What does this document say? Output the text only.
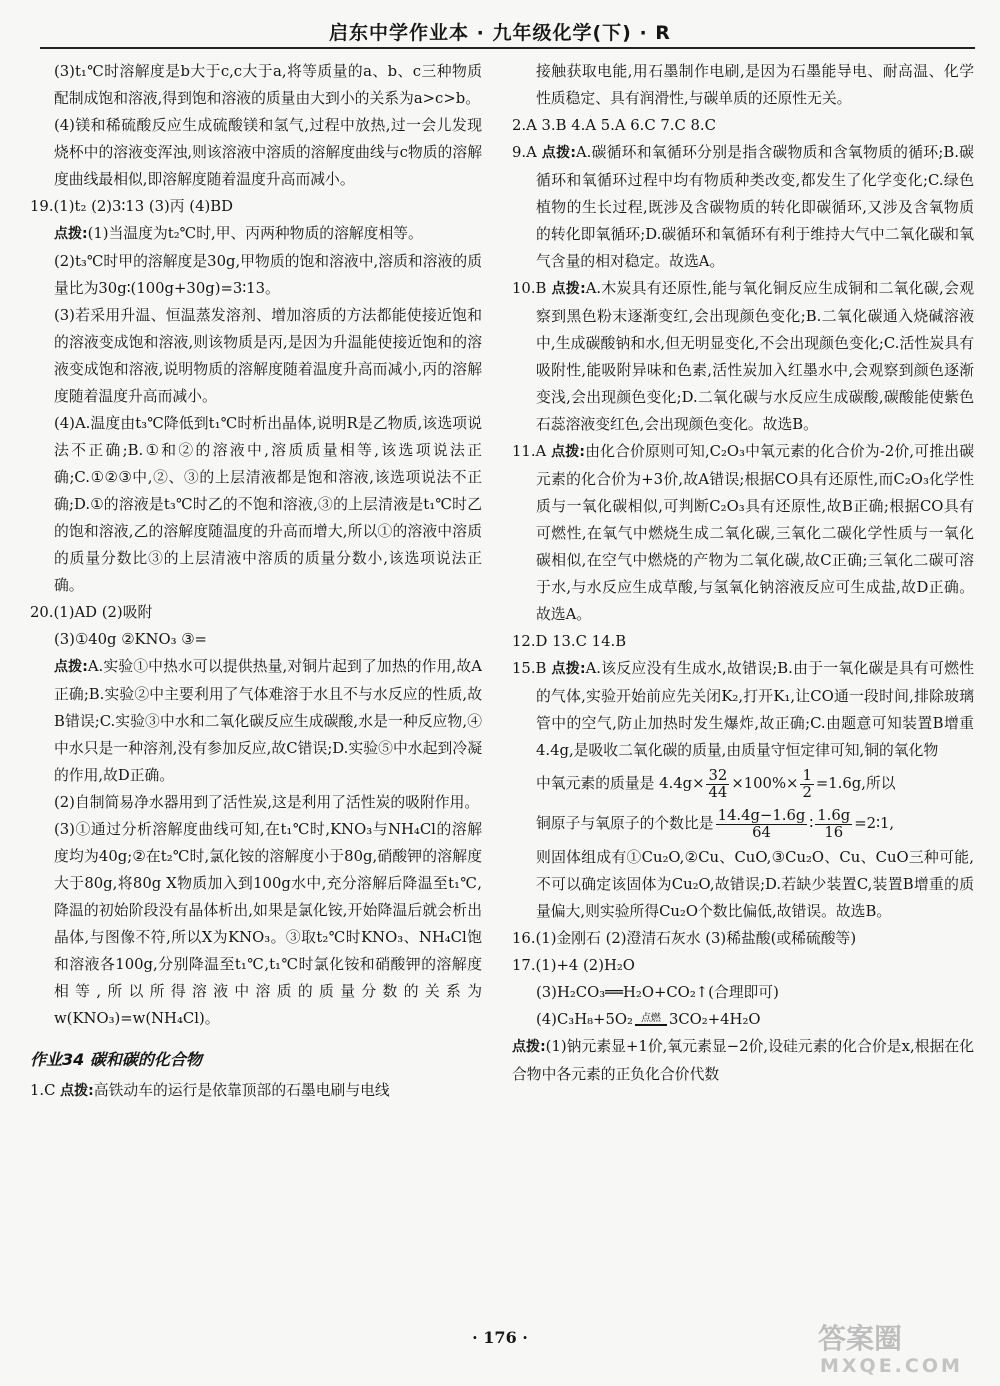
启东中学作业本 · 九年级化学(下) · R

(3)t₁℃时溶解度是b大于c,c大于a,将等质量的a、b、c三种物质配制成饱和溶液,得到饱和溶液的质量由大到小的关系为a>c>b。

(4)镁和稀硫酸反应生成硫酸镁和氢气,过程中放热,过一会儿发现烧杯中的溶液变浑浊,则该溶液中溶质的溶解度曲线与c物质的溶解度曲线最相似,即溶解度随着温度升高而减小。

19.(1)t₂ (2)3∶13 (3)丙 (4)BD

点拨:(1)当温度为t₂℃时,甲、丙两种物质的溶解度相等。

(2)t₃℃时甲的溶解度是30g,甲物质的饱和溶液中,溶质和溶液的质量比为30g∶(100g+30g)=3∶13。

(3)若采用升温、恒温蒸发溶剂、增加溶质的方法都能使接近饱和的溶液变成饱和溶液,则该物质是丙,是因为升温能使接近饱和的溶液变成饱和溶液,说明物质的溶解度随着温度升高而减小,丙的溶解度随着温度升高而减小。

(4)A.温度由t₃℃降低到t₁℃时析出晶体,说明R是乙物质,该选项说法不正确;B.①和②的溶液中,溶质质量相等,该选项说法正确;C.①②③中,②、③的上层清液都是饱和溶液,该选项说法不正确;D.①的溶液是t₃℃时乙的不饱和溶液,③的上层清液是t₁℃时乙的饱和溶液,乙的溶解度随温度的升高而增大,所以①的溶液中溶质的质量分数比③的上层清液中溶质的质量分数小,该选项说法正确。

20.(1)AD (2)吸附

(3)①40g ②KNO₃ ③=

点拨:A.实验①中热水可以提供热量,对铜片起到了加热的作用,故A正确;B.实验②中主要利用了气体难溶于水且不与水反应的性质,故B错误;C.实验③中水和二氧化碳反应生成碳酸,水是一种反应物,④中水只是一种溶剂,没有参加反应,故C错误;D.实验⑤中水起到冷凝的作用,故D正确。

(2)自制简易净水器用到了活性炭,这是利用了活性炭的吸附作用。

(3)①通过分析溶解度曲线可知,在t₁℃时,KNO₃与NH₄Cl的溶解度均为40g;②在t₂℃时,氯化铵的溶解度小于80g,硝酸钾的溶解度大于80g,将80g X物质加入到100g水中,充分溶解后降温至t₁℃,降温的初始阶段没有晶体析出,如果是氯化铵,开始降温后就会析出晶体,与图像不符,所以X为KNO₃。③取t₂℃时KNO₃、NH₄Cl饱和溶液各100g,分别降温至t₁℃,t₁℃时氯化铵和硝酸钾的溶解度相等,所以所得溶液中溶质的质量分数的关系为w(KNO₃)=w(NH₄Cl)。

作业34 碳和碳的化合物

1.C 点拨:高铁动车的运行是依靠顶部的石墨电刷与电线

接触获取电能,用石墨制作电刷,是因为石墨能导电、耐高温、化学性质稳定、具有润滑性,与碳单质的还原性无关。

2.A 3.B 4.A 5.A 6.C 7.C 8.C

9.A 点拨:A.碳循环和氧循环分别是指含碳物质和含氧物质的循环;B.碳循环和氧循环过程中均有物质种类改变,都发生了化学变化;C.绿色植物的生长过程,既涉及含碳物质的转化即碳循环,又涉及含氧物质的转化即氧循环;D.碳循环和氧循环有利于维持大气中二氧化碳和氧气含量的相对稳定。故选A。

10.B 点拨:A.木炭具有还原性,能与氧化铜反应生成铜和二氧化碳,会观察到黑色粉末逐渐变红,会出现颜色变化;B.二氧化碳通入烧碱溶液中,生成碳酸钠和水,但无明显变化,不会出现颜色变化;C.活性炭具有吸附性,能吸附异味和色素,活性炭加入红墨水中,会观察到颜色逐渐变浅,会出现颜色变化;D.二氧化碳与水反应生成碳酸,碳酸能使紫色石蕊溶液变红色,会出现颜色变化。故选B。

11.A 点拨:由化合价原则可知,C₂O₃中氧元素的化合价为-2价,可推出碳元素的化合价为+3价,故A错误;根据CO具有还原性,而C₂O₃化学性质与一氧化碳相似,可判断C₂O₃具有还原性,故B正确;根据CO具有可燃性,在氧气中燃烧生成二氧化碳,三氧化二碳化学性质与一氧化碳相似,在空气中燃烧的产物为二氧化碳,故C正确;三氧化二碳可溶于水,与水反应生成草酸,与氢氧化钠溶液反应可生成盐,故D正确。故选A。

12.D 13.C 14.B

15.B 点拨:A.该反应没有生成水,故错误;B.由于一氧化碳是具有可燃性的气体,实验开始前应先关闭K₂,打开K₁,让CO通一段时间,排除玻璃管中的空气,防止加热时发生爆炸,故正确;C.由题意可知装置B增重4.4g,是吸收二氧化碳的质量,由质量守恒定律可知,铜的氧化物

中氧元素的质量是 $4.4g\times \frac{32}{44} \times 100\%\times \frac{1}{2} =1.6g$,所以

铜原子与氧原子的个数比是 $\frac{14.4g-1.6g}{64}$ ∶ $\frac{1.6g}{16}$ =2∶1,

则固体组成有①Cu₂O,②Cu、CuO,③Cu₂O、Cu、CuO三种可能,不可以确定该固体为Cu₂O,故错误;D.若缺少装置C,装置B增重的质量偏大,则实验所得Cu₂O个数比偏低,故错误。故选B。

16.(1)金刚石 (2)澄清石灰水 (3)稀盐酸(或稀硫酸等)

17.(1)+4 (2)H₂O

(3)H₂CO₃══H₂O+CO₂↑(合理即可)

(4)C₃H₈+5O₂ 点燃 3CO₂+4H₂O

点拨:(1)钠元素显+1价,氧元素显−2价,设硅元素的化合价是x,根据在化合物中各元素的正负化合价代数

· 176 ·	答案圈
MXQE.COM
